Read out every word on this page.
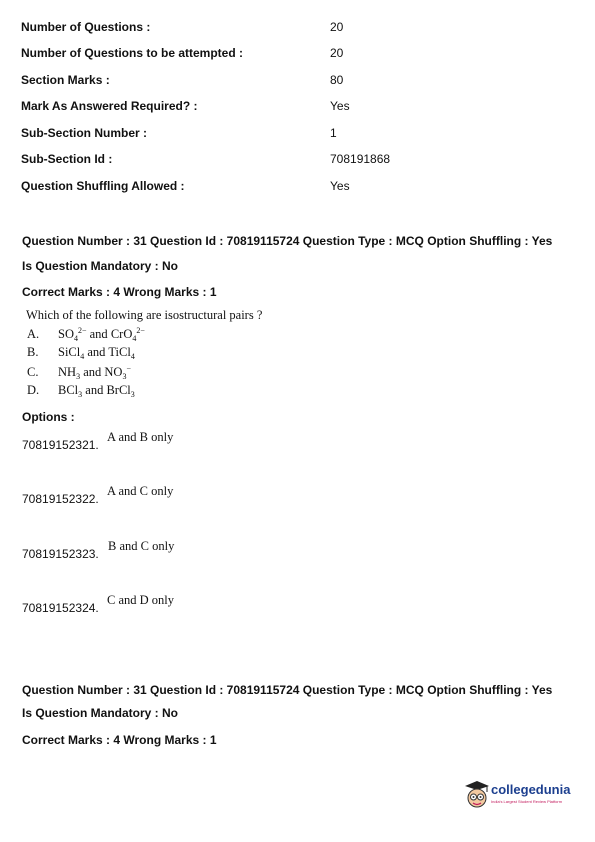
Number of Questions :	20
Number of Questions to be attempted :	20
Section Marks :	80
Mark As Answered Required? :	Yes
Sub-Section Number :	1
Sub-Section Id :	708191868
Question Shuffling Allowed :	Yes
Question Number : 31 Question Id : 70819115724 Question Type : MCQ Option Shuffling : Yes
Is Question Mandatory : No
Correct Marks : 4 Wrong Marks : 1
Which of the following are isostructural pairs ?
A. $SO_4^{2-}$ and CrO$_4^{2-}$
B. SiCl$_4$ and TiCl$_4$
C. $NH_3$ and $NO_3^-$
D. BCl$_3$ and BrCl$_3$
Options :
70819152321.
A and B only
70819152322.
A and C only
70819152323.
B and C only
70819152324.
C and D only
Question Number : 31 Question Id : 70819115724 Question Type : MCQ Option Shuffling : Yes
Is Question Mandatory : No
Correct Marks : 4 Wrong Marks : 1
collegedunia
India's Largest Student Review Platform
